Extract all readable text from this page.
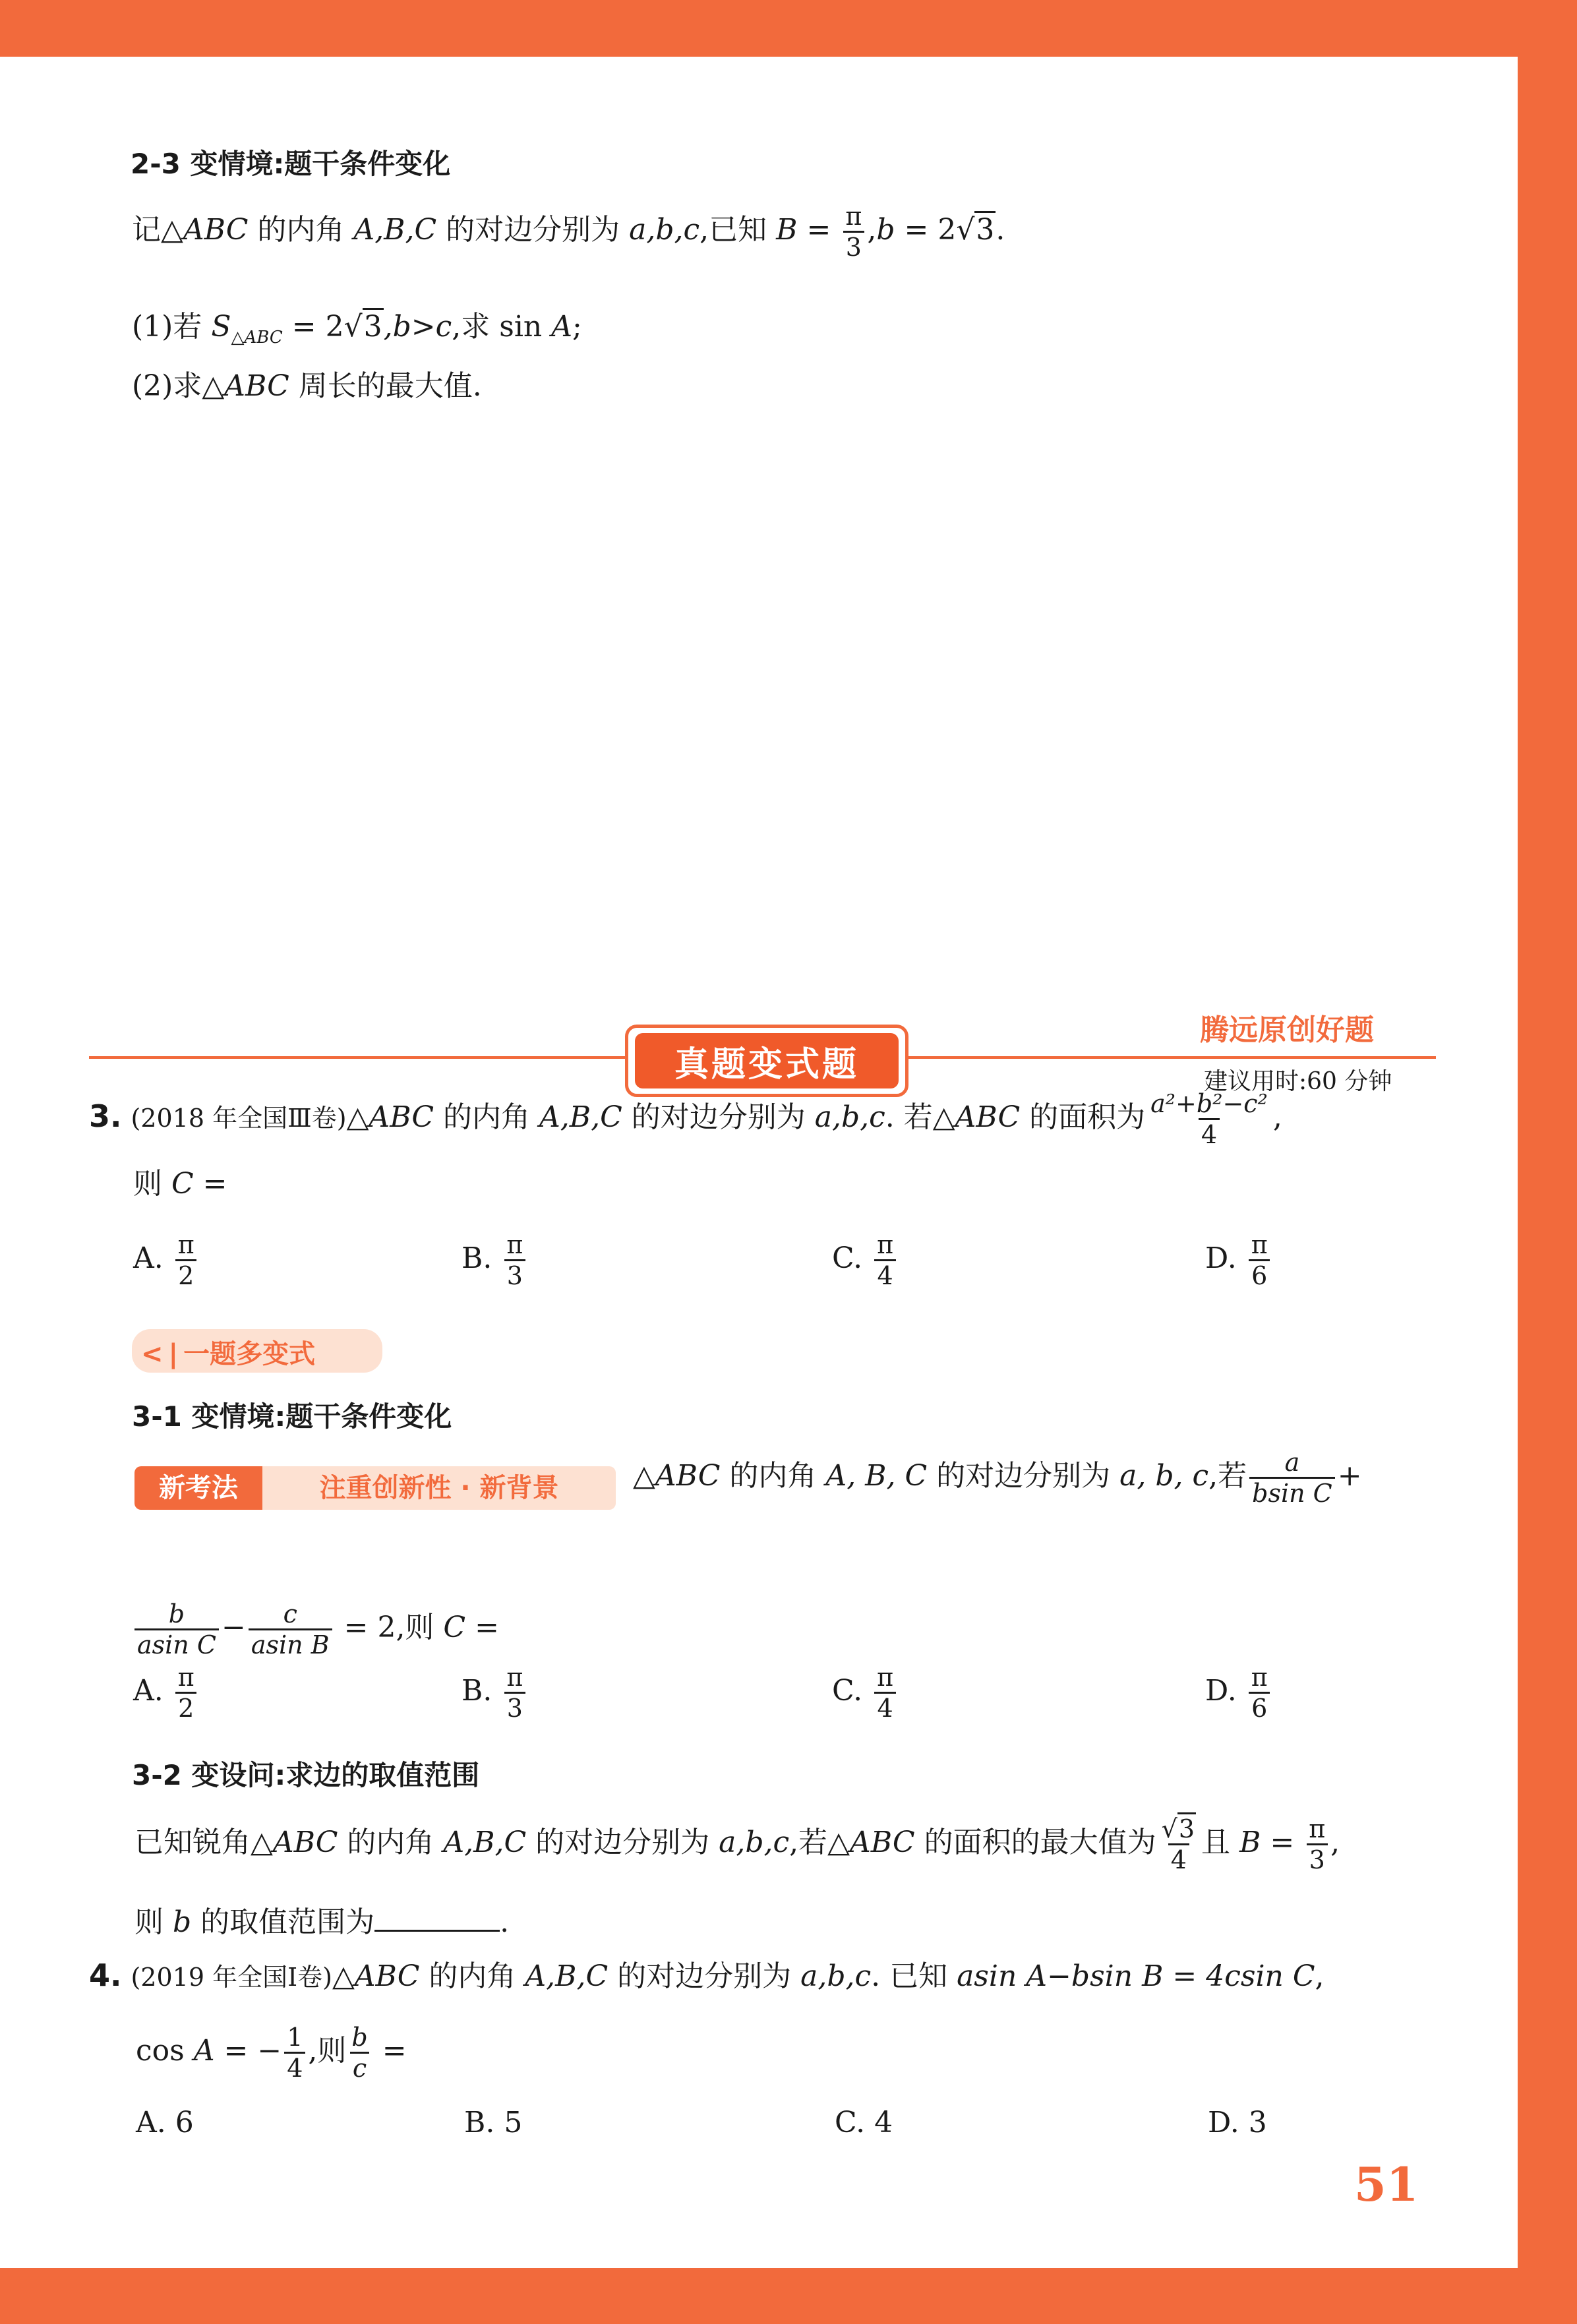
2-3 变情境:题干条件变化
记△ABC 的内角 A,B,C 的对边分别为 a,b,c,已知 $B = \frac{\pi}{3} ,b = 2√3$.
(1)若 $S_{\triangle ABC} = 2√3,b>c$,求 sin A;
(2)求△ABC 周长的最大值.
真题变式题
腾远原创好题
建议用时:60 分钟
3. (2018 年全国Ⅲ卷)△ABC 的内角 A,B,C 的对边分别为 a,b,c. 若△ABC 的面积为 $\frac{\text{a²+b²−c²}}{4}$ ,
则 C =
A. $\frac{\pi}{2}$	B. $\frac{\pi}{3}$	C. $\frac{\pi}{4}$	D. $\frac{\pi}{6}$
< | 一题多变式
3-1 变情境:题干条件变化
新考法	注重创新性 · 新背景	△ABC 的内角 A, B, C 的对边分别为 a, b, c,若 $\frac{a}{\text{bsin C}}$ +
$\frac{b}{\text{asin C}} - \frac{c}{\text{asin B}} = 2$,则 C =
A. $\frac{\pi}{2}$	B. $\frac{\pi}{3}$	C. $\frac{\pi}{4}$	D. $\frac{\pi}{6}$
3-2 变设问:求边的取值范围
已知锐角△ABC 的内角 A,B,C 的对边分别为 a,b,c,若△ABC 的面积的最大值为 $\frac{√3}{4}$ 且 $B = \frac{\pi}{3}$ ,
则 b 的取值范围为	.
4. (2019 年全国Ⅰ卷)△ABC 的内角 A,B,C 的对边分别为 a,b,c. 已知 asin A−bsin B = 4csin C,
cos A = − $\frac{1}{4}$ ,则 $\frac{b}{c}$ =
A. 6	B. 5	C. 4	D. 3
51
